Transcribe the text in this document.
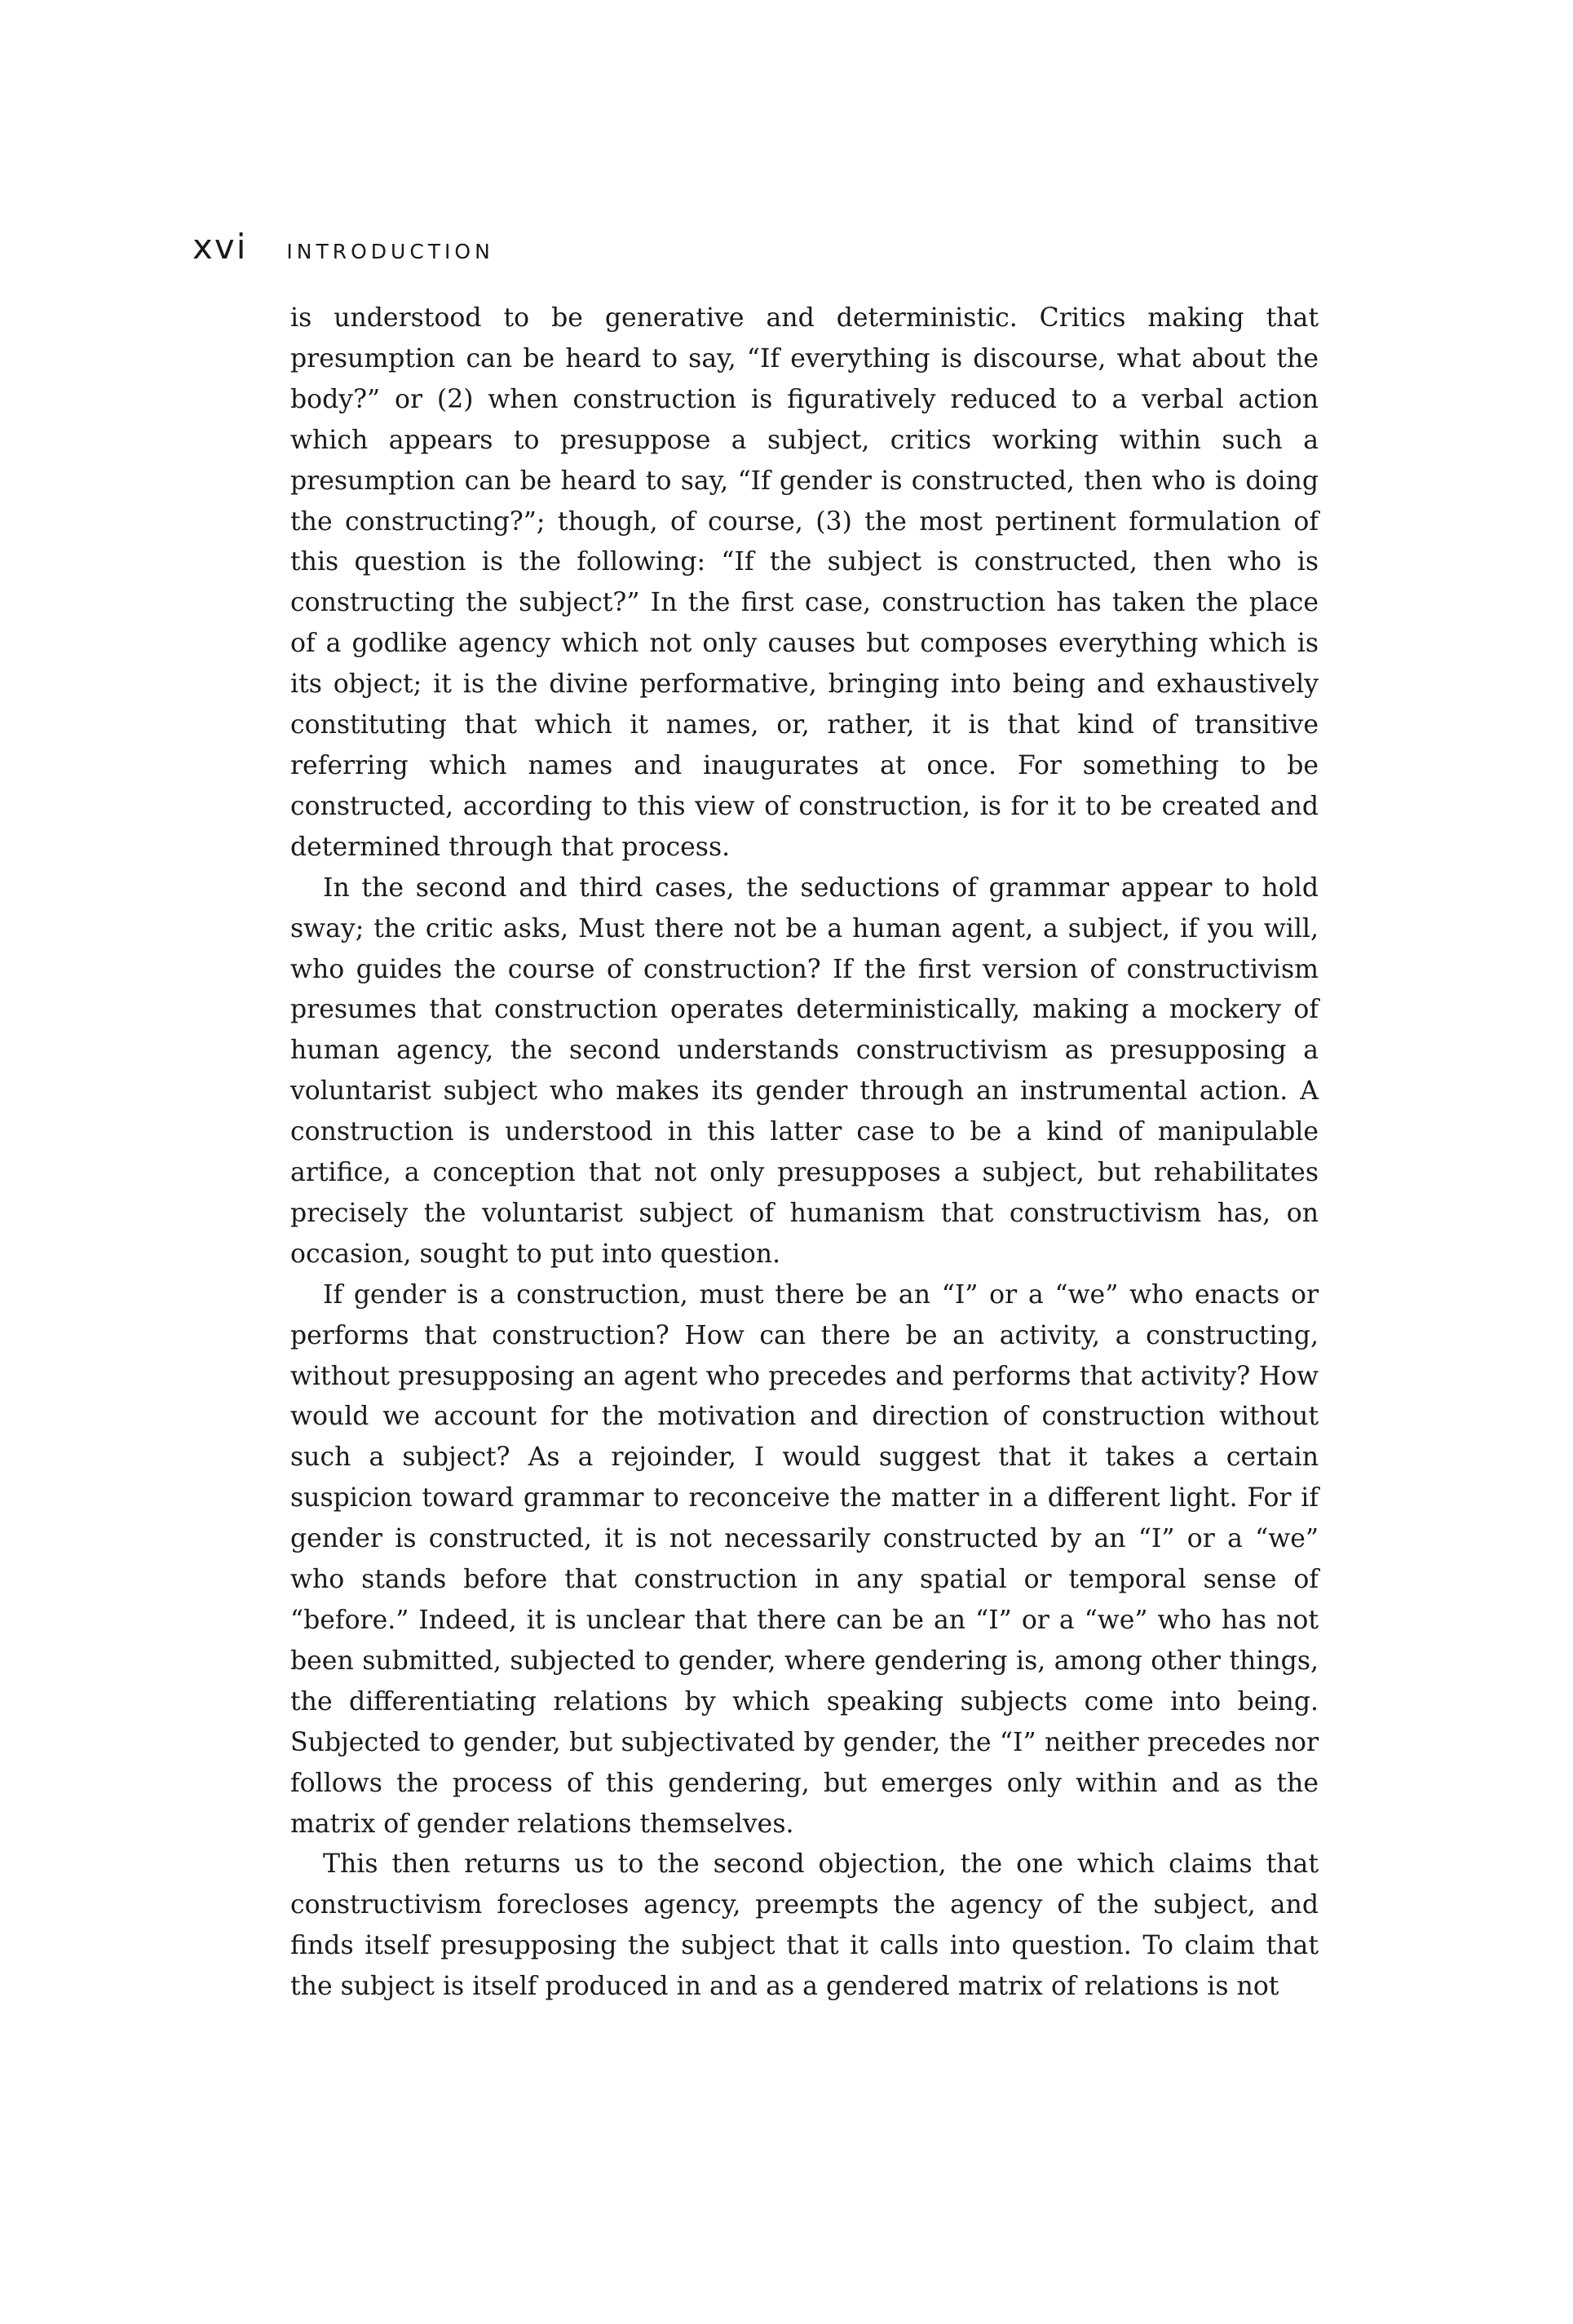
xvi INTRODUCTION

is understood to be generative and deterministic. Critics making that presumption can be heard to say, “If everything is discourse, what about the body?” or (2) when construction is figuratively reduced to a verbal action which appears to presuppose a subject, critics working within such a presumption can be heard to say, “If gender is constructed, then who is doing the constructing?”; though, of course, (3) the most pertinent formulation of this question is the following: “If the subject is constructed, then who is constructing the subject?” In the first case, construction has taken the place of a godlike agency which not only causes but composes everything which is its object; it is the divine performative, bringing into being and exhaustively constituting that which it names, or, rather, it is that kind of transitive referring which names and inaugurates at once. For something to be constructed, according to this view of construction, is for it to be created and determined through that process.

In the second and third cases, the seductions of grammar appear to hold sway; the critic asks, Must there not be a human agent, a subject, if you will, who guides the course of construction? If the first version of constructivism presumes that construction operates deterministically, making a mockery of human agency, the second understands constructivism as presupposing a voluntarist subject who makes its gender through an instrumental action. A construction is understood in this latter case to be a kind of manipulable artifice, a conception that not only presupposes a subject, but rehabilitates precisely the voluntarist subject of humanism that constructivism has, on occasion, sought to put into question.

If gender is a construction, must there be an “I” or a “we” who enacts or performs that construction? How can there be an activity, a constructing, without presupposing an agent who precedes and performs that activity? How would we account for the motivation and direction of construction without such a subject? As a rejoinder, I would suggest that it takes a certain suspicion toward grammar to reconceive the matter in a different light. For if gender is constructed, it is not necessarily constructed by an “I” or a “we” who stands before that construction in any spatial or temporal sense of “before.” Indeed, it is unclear that there can be an “I” or a “we” who has not been submitted, subjected to gender, where gendering is, among other things, the differentiating relations by which speaking subjects come into being. Subjected to gender, but subjectivated by gender, the “I” neither precedes nor follows the process of this gendering, but emerges only within and as the matrix of gender relations themselves.

This then returns us to the second objection, the one which claims that constructivism forecloses agency, preempts the agency of the subject, and finds itself presupposing the subject that it calls into question. To claim that the subject is itself produced in and as a gendered matrix of relations is not
